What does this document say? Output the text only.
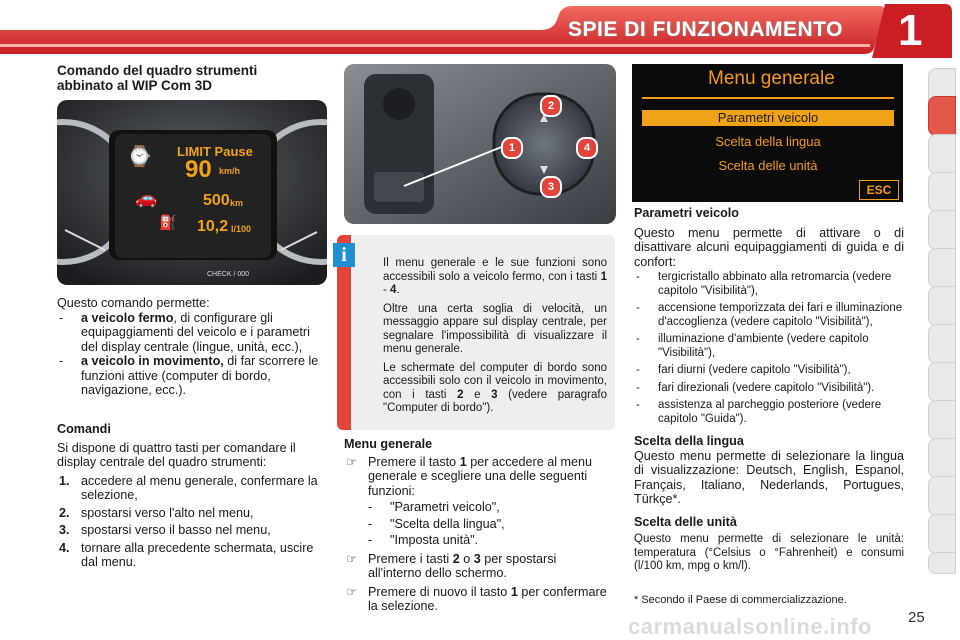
SPIE DI FUNZIONAMENTO 1
Comando del quadro strumenti
abbinato al WIP Com 3D
LIMIT Pause
⌚ 90 km/h
🚗	500 km
⛽ 10,2 l/100
CHECK / 000
Questo comando permette:
- a veicolo fermo, di configurare gli equipaggiamenti del veicolo e i parametri del display centrale (lingue, unità, ecc.),
- a veicolo in movimento, di far scorrere le funzioni attive (computer di bordo, navigazione, ecc.).
Comandi
Si dispone di quattro tasti per comandare il display centrale del quadro strumenti:
1. accedere al menu generale, confermare la selezione,
2. spostarsi verso l'alto nel menu,
3. spostarsi verso il basso nel menu,
4. tornare alla precedente schermata, uscire dal menu.
2
1	4
3
i	Il menu generale e le sue funzioni sono accessibili solo a veicolo fermo, con i tasti 1 - 4.
Oltre una certa soglia di velocità, un messaggio appare sul display centrale, per segnalare l'impossibilità di visualizzare il menu generale.
Le schermate del computer di bordo sono accessibili solo con il veicolo in movimento, con i tasti 2 e 3 (vedere paragrafo "Computer di bordo").
Menu generale
☞ Premere il tasto 1 per accedere al menu generale e scegliere una delle seguenti funzioni:
- "Parametri veicolo",
- "Scelta della lingua",
- "Imposta unità".
☞ Premere i tasti 2 o 3 per spostarsi all'interno dello schermo.
☞ Premere di nuovo il tasto 1 per confermare la selezione.
Menu generale
Parametri veicolo
Scelta della lingua
Scelta delle unità
ESC
Parametri veicolo
Questo menu permette di attivare o di disattivare alcuni equipaggiamenti di guida e di confort:
- tergicristallo abbinato alla retromarcia (vedere capitolo "Visibilità"),
- accensione temporizzata dei fari e illuminazione d'accoglienza (vedere capitolo "Visibilità"),
- illuminazione d'ambiente (vedere capitolo "Visibilità"),
- fari diurni (vedere capitolo "Visibilità"),
- fari direzionali (vedere capitolo "Visibilità").
- assistenza al parcheggio posteriore (vedere capitolo "Guida").
Scelta della lingua
Questo menu permette di selezionare la lingua di visualizzazione: Deutsch, English, Espanol, Français, Italiano, Nederlands, Portugues, Türkçe*.
Scelta delle unità
Questo menu permette di selezionare le unità: temperatura (°Celsius o °Fahrenheit) e consumi (l/100 km, mpg o km/l).
* Secondo il Paese di commercializzazione.
25
carmanualsonline.info
